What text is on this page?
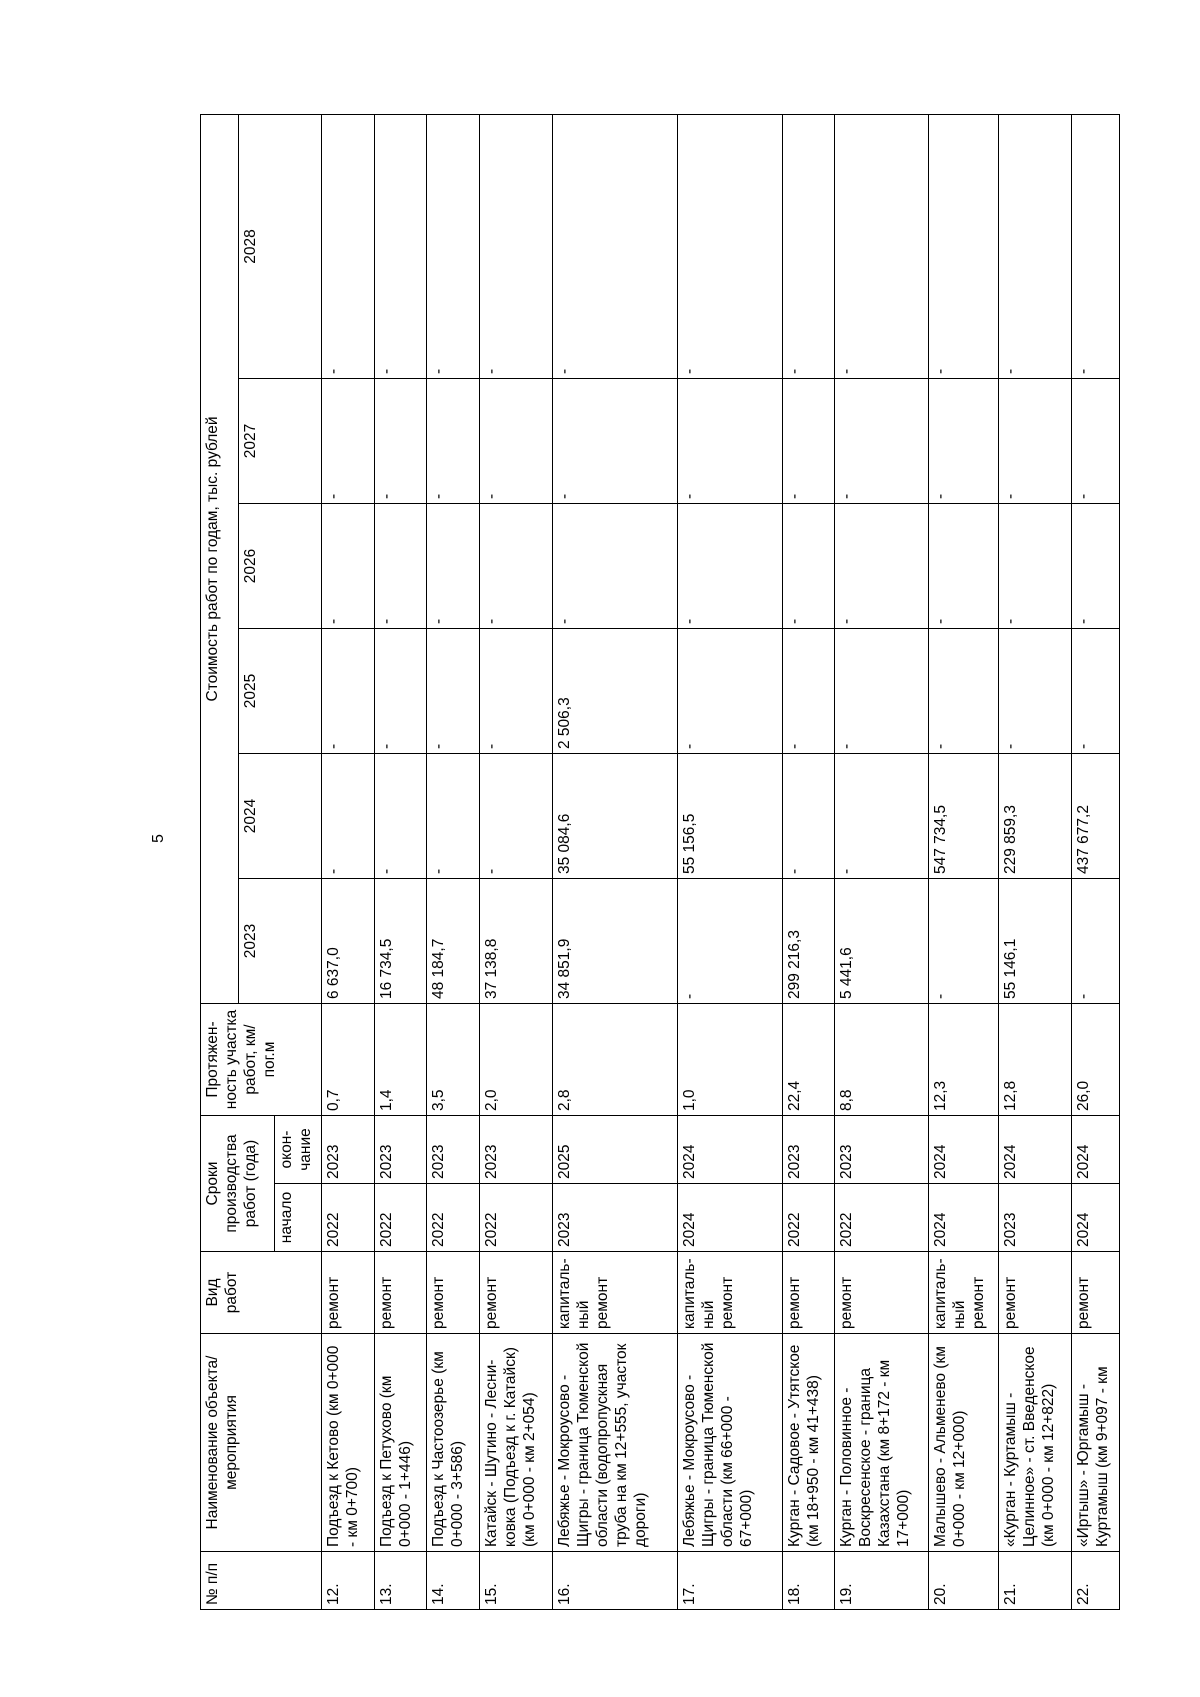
5
№ п/п	Наименование объекта/ мероприятия	Вид работ	Сроки производства работ (года)		Протяжен-ность участка работ, км/пог.м	Стоимость работ по годам, тыс. рублей					
						2023	2024	2025	2026	2027	2028
			начало	окон-чание							
12.	Подъезд к Кетово (км 0+000 - км 0+700)	ремонт	2022	2023	0,7	6 637,0	-	-	-	-	-
13.	Подъезд к Петухово (км 0+000 - 1+446)	ремонт	2022	2023	1,4	16 734,5	-	-	-	-	-
14.	Подъезд к Частоозерье (км 0+000 - 3+586)	ремонт	2022	2023	3,5	48 184,7	-	-	-	-	-
15.	Катайск - Шутино - Лесни-ковка (Подъезд к г. Катайск) (км 0+000 - км 2+054)	ремонт	2022	2023	2,0	37 138,8	-	-	-	-	-
16.	Лебяжье - Мокроусово - Щигры - граница Тюменской области (водопропускная труба на км 12+555, участок дороги)	капиталь-ный ремонт	2023	2025	2,8	34 851,9	35 084,6	2 506,3	-	-	-
17.	Лебяжье - Мокроусово - Щигры - граница Тюменской области (км 66+000 - 67+000)	капиталь-ный ремонт	2024	2024	1,0	-	55 156,5	-	-	-	-
18.	Курган - Садовое - Утятское (км 18+950 - км 41+438)	ремонт	2022	2023	22,4	299 216,3	-	-	-	-	-
19.	Курган - Половинное - Воскресенское - граница Казахстана (км 8+172 - км 17+000)	ремонт	2022	2023	8,8	5 441,6	-	-	-	-	-
20.	Малышево - Альменево (км 0+000 - км 12+000)	капиталь-ный ремонт	2024	2024	12,3	-	547 734,5	-	-	-	-
21.	«Курган - Куртамыш - Целинное» - ст. Введенское (км 0+000 - км 12+822)	ремонт	2023	2024	12,8	55 146,1	229 859,3	-	-	-	-
22.	«Иртыш» - Юргамыш - Куртамыш (км 9+097 - км	ремонт	2024	2024	26,0	-	437 677,2	-	-	-	-
